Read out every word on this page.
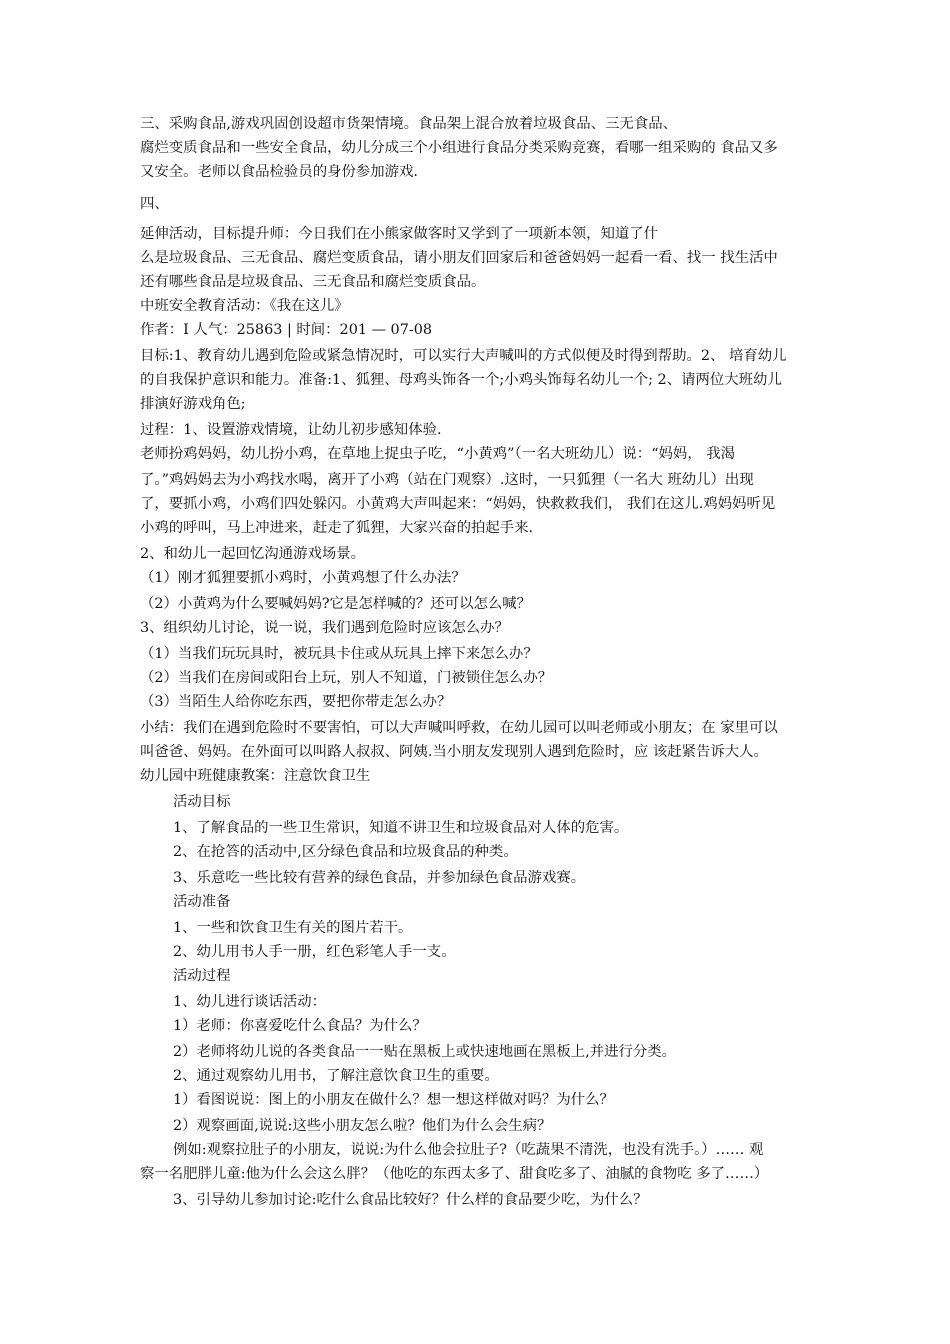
三、采购食品,游戏巩固创设超市货架情境。食品架上混合放着垃圾食品、三无食品、
腐烂变质食品和一些安全食品，幼儿分成三个小组进行食品分类采购竞赛，看哪一组采购的 食品又多
又安全。老师以食品检验员的身份参加游戏.
四、
延伸活动，目标提升师：今日我们在小熊家做客时又学到了一项新本领，知道了什
么是垃圾食品、三无食品、腐烂变质食品，请小朋友们回家后和爸爸妈妈一起看一看、找一 找生活中
还有哪些食品是垃圾食品、三无食品和腐烂变质食品。
中班安全教育活动：《我在这儿》
作者：I 人气：25863 | 时间：201 — 07-08
目标:1、教育幼儿遇到危险或紧急情况时，可以实行大声喊叫的方式似便及时得到帮助。2、 培育幼儿
的自我保护意识和能力。准备:1、狐狸、母鸡头饰各一个;小鸡头饰每名幼儿一个; 2、请两位大班幼儿
排演好游戏角色;
过程：1、设置游戏情境，让幼儿初步感知体验.
老师扮鸡妈妈，幼儿扮小鸡，在草地上捉虫子吃，“小黄鸡”（一名大班幼儿）说：“妈妈， 我渴
了。”鸡妈妈去为小鸡找水喝，离开了小鸡（站在门观察）.这时，一只狐狸（一名大 班幼儿）出现
了，要抓小鸡，小鸡们四处躲闪。小黄鸡大声叫起来：“妈妈，快救救我们， 我们在这儿.鸡妈妈听见
小鸡的呼叫，马上冲进来，赶走了狐狸，大家兴奋的拍起手来.
2、和幼儿一起回忆沟通游戏场景。
（1）刚才狐狸要抓小鸡时，小黄鸡想了什么办法？
（2）小黄鸡为什么要喊妈妈?它是怎样喊的？还可以怎么喊？
3、组织幼儿讨论，说一说，我们遇到危险时应该怎么办？
（1）当我们玩玩具时，被玩具卡住或从玩具上摔下来怎么办？
（2）当我们在房间或阳台上玩，别人不知道，门被锁住怎么办？
（3）当陌生人给你吃东西，要把你带走怎么办？
小结：我们在遇到危险时不要害怕，可以大声喊叫呼救，在幼儿园可以叫老师或小朋友；在 家里可以
叫爸爸、妈妈。在外面可以叫路人叔叔、阿姨.当小朋友发现别人遇到危险时，应 该赶紧告诉大人。
幼儿园中班健康教案：注意饮食卫生
活动目标
1、了解食品的一些卫生常识，知道不讲卫生和垃圾食品对人体的危害。
2、在抢答的活动中,区分绿色食品和垃圾食品的种类。
3、乐意吃一些比较有营养的绿色食品，并参加绿色食品游戏赛。
活动准备
1、一些和饮食卫生有关的图片若干。
2、幼儿用书人手一册，红色彩笔人手一支。
活动过程
1、幼儿进行谈话活动：
1）老师：你喜爱吃什么食品？为什么？
2）老师将幼儿说的各类食品一一贴在黑板上或快速地画在黑板上,并进行分类。
2、通过观察幼儿用书，了解注意饮食卫生的重要。
1）看图说说：图上的小朋友在做什么？想一想这样做对吗？为什么？
2）观察画面,说说:这些小朋友怎么啦？他们为什么会生病？
例如:观察拉肚子的小朋友，说说:为什么他会拉肚子?（吃蔬果不清洗，也没有洗手。）…… 观
察一名肥胖儿童:他为什么会这么胖？（他吃的东西太多了、甜食吃多了、油腻的食物吃 多了……）
3、引导幼儿参加讨论:吃什么食品比较好？什么样的食品要少吃，为什么？
